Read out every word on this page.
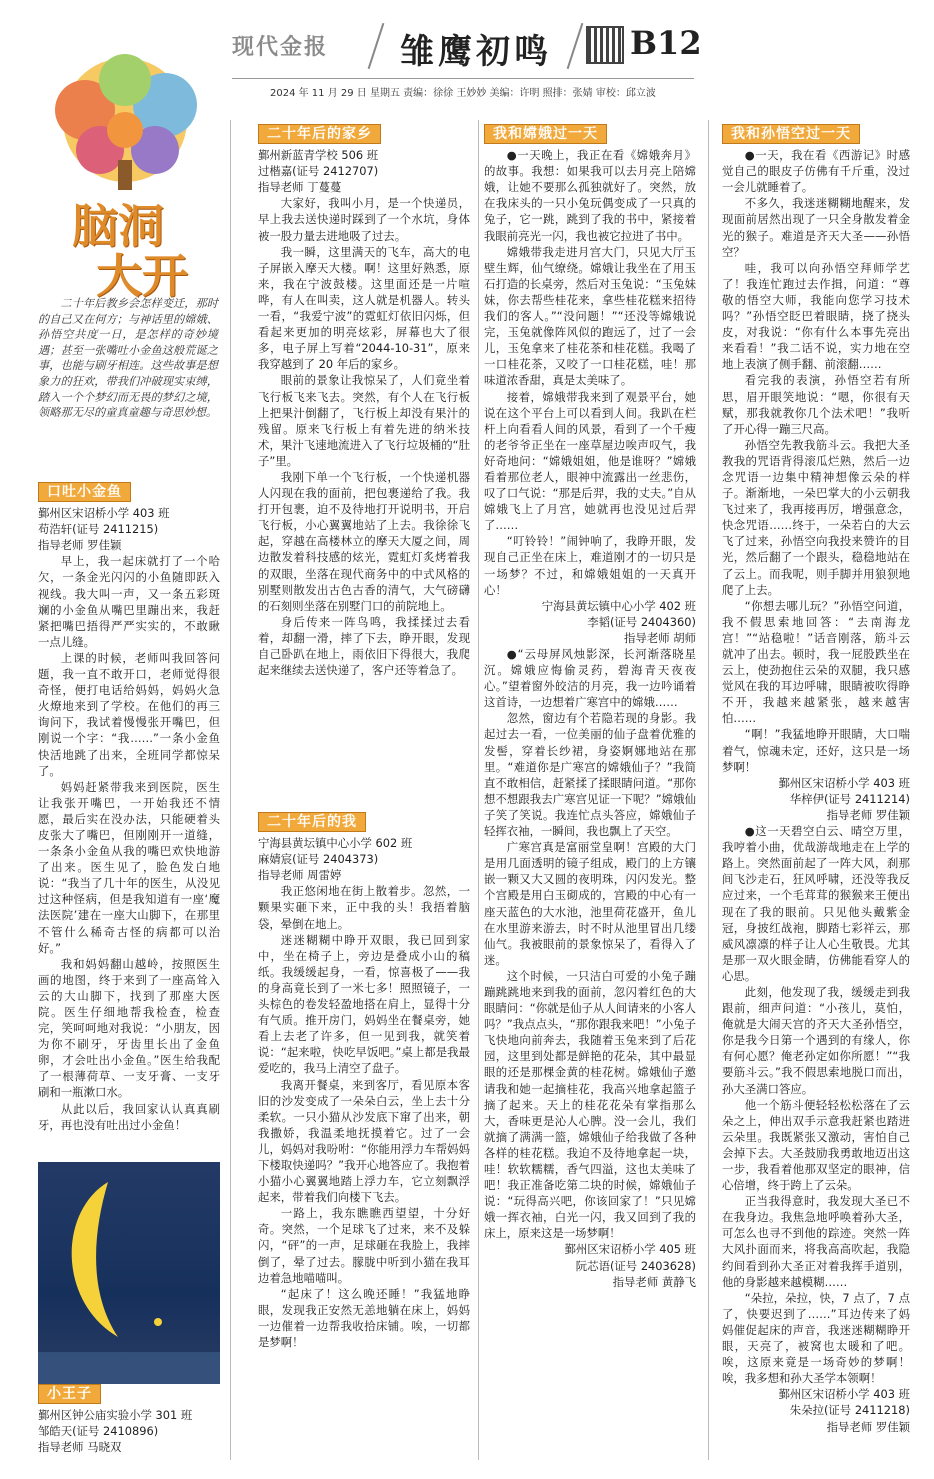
现代金报 雏鹰初鸣 B12
2024 年 11 月 29 日 星期五 责编：徐徐 王妙妙 美编：许明 照排：张婧 审校：邱立波
脑洞
大开
二十年后教乡会怎样变迁，那时的自己又在何方；与神话里的嫦娥、孙悟空共度一日，是怎样的奇妙境遇；甚至一张嘴吐小金鱼这般荒诞之事，也能与刷牙相连。这些故事是想象力的狂欢，带我们冲破现实束缚，踏入一个个梦幻而无畏的梦幻之境，领略那无尽的童真童趣与奇思妙想。
口吐小金鱼
鄞州区宋诏桥小学 403 班
苟浩轩(证号 2411215)
指导老师 罗佳颖

早上，我一起床就打了一个哈欠，一条金光闪闪的小鱼随即跃入视线。我大叫一声，又一条五彩斑斓的小金鱼从嘴巴里蹦出来，我赶紧把嘴巴捂得严严实实的，不敢瞅一点儿缝。

上课的时候，老师叫我回答问题，我一直不敢开口，老师觉得很奇怪，便打电话给妈妈，妈妈火急火燎地来到了学校。在他们的再三询问下，我试着慢慢张开嘴巴，但刚说一个字：“我……”一条小金鱼快活地跳了出来，全班同学都惊呆了。

妈妈赶紧带我来到医院，医生让我张开嘴巴，一开始我还不情愿，最后实在没办法，只能硬着头皮张大了嘴巴，但刚刚开一道缝，一条条小金鱼从我的嘴巴欢快地游了出来。医生见了，脸色发白地说：“我当了几十年的医生，从没见过这种怪病，但是我知道有一座‘魔法医院’建在一座大山脚下，在那里不管什么稀奇古怪的病都可以治好。”

我和妈妈翻山越岭，按照医生画的地图，终于来到了一座高耸入云的大山脚下，找到了那座大医院。医生仔细地帮我检查，检查完，笑呵呵地对我说：“小朋友，因为你不刷牙，牙齿里长出了金鱼卵，才会吐出小金鱼。”医生给我配了一根薄荷草、一支牙膏、一支牙刷和一瓶漱口水。

从此以后，我回家认认真真刷牙，再也没有吐出过小金鱼！

小王子
鄞州区钟公庙实验小学 301 班
邹皓天(证号 2410896)
指导老师 马晓双
二十年后的家乡
鄞州新蓝青学校 506 班
过楷嘉(证号 2412707)
指导老师 丁蔓蔓

大家好，我叫小月，是一个快递员，早上我去送快递时踩到了一个水坑，身体被一股力量去进地吸了过去。

我一瞬，这里满天的飞车，高大的电子屏嵌入摩天大楼。啊！这里好熟悉，原来，我在宁波鼓楼。这里面还是一片喧哗，有人在叫卖，这人就是机器人。转头一看，“我爱宁波”的霓虹灯依旧闪烁，但看起来更加的明亮炫彩，屏幕也大了很多，电子屏上写着“2044-10-31”，原来我穿越到了 20 年后的家乡。

眼前的景象让我惊呆了，人们竟坐着飞行板飞来飞去。突然，有个人在飞行板上把果汁倒翻了，飞行板上却没有果汁的残留。原来飞行板上有着先进的纳米技术，果汁飞速地流进入了飞行垃圾桶的“肚子”里。

我刚下单一个飞行板，一个快递机器人闪现在我的面前，把包裹递给了我。我打开包裹，迫不及待地打开说明书，开启飞行板，小心翼翼地站了上去。我徐徐飞起，穿越在高楼林立的摩天大厦之间，周边散发着科技感的炫光，霓虹灯炙烤着我的双眼，坐落在现代商务中的中式风格的别墅则散发出古色古香的清气，大气磅礴的石刻则坐落在别墅门口的前院地上。

身后传来一阵鸟鸣，我揉揉过去看着，却翻一滑，摔了下去，睁开眼，发现自己卧趴在地上，雨依旧下得很大，我爬起来继续去送快递了，客户还等着急了。

二十年后的我
宁海县黄坛镇中心小学 602 班
麻婧宸(证号 2404373)
指导老师 周雷婷

我正悠闲地在街上散着步。忽然，一颗果实砸下来，正中我的头！我捂着脑袋，晕倒在地上。

迷迷糊糊中睁开双眼，我已回到家中，坐在椅子上，旁边是叠成小山的稿纸。我缓缓起身，一看，惊喜极了——我的身高竟长到了一米七多！照照镜子，一头棕色的卷发轻盈地搭在肩上，显得十分有气质。推开房门，妈妈坐在餐桌旁，她看上去老了许多，但一见到我，就笑着说：“起来啦，快吃早饭吧。”桌上都是我最爱吃的，我马上清空了盘子。

我离开餐桌，来到客厅，看见原本客旧的沙发变成了一朵朵白云，坐上去十分柔软。一只小猫从沙发底下窜了出来，朝我撒娇，我温柔地抚摸着它。过了一会儿，妈妈对我吩咐：“你能用浮力车帮妈妈下楼取快递吗？”我开心地答应了。我抱着小猫小心翼翼地踏上浮力车，它立刻飘浮起来，带着我们向楼下飞去。

一路上，我东瞧瞧西望望，十分好奇。突然，一个足球飞了过来，来不及躲闪，“砰”的一声，足球砸在我脸上，我摔倒了，晕了过去。朦胧中听到小猫在我耳边着急地喵喵叫。

“起床了！这么晚还睡！”我猛地睁眼，发现我正安然无恙地躺在床上，妈妈一边催着一边帮我收拾床铺。唉，一切都是梦啊！

我和嫦娥过一天

●一天晚上，我正在看《嫦娥奔月》的故事。我想：如果我可以去月亮上陪嫦娥，让她不要那么孤独就好了。突然，放在我床头的一只小兔玩偶变成了一只真的兔子，它一跳，跳到了我的书中，紧接着我眼前亮光一闪，我也被它拉进了书中。

嫦娥带我走进月宫大门，只见大厅玉壁生辉，仙气缭绕。嫦娥让我坐在了用玉石打造的长桌旁，然后对玉兔说：“玉兔妹妹，你去帮些桂花来，拿些桂花糕来招待我们的客人。”“没问题！”“还没等嫦娥说完，玉兔就像阵风似的跑远了，过了一会儿，玉兔拿来了桂花茶和桂花糕。我喝了一口桂花茶，又咬了一口桂花糕，哇！那味道浓香甜，真是太美味了。

接着，嫦娥带我来到了观景平台，她说在这个平台上可以看到人间。我趴在栏杆上向看看人间的风景，看到了一个千瘦的老爷爷正坐在一座草屋边唉声叹气，我好奇地问：“嫦娥姐姐，他是谁呀？”嫦娥看着那位老人，眼神中流露出一丝悲伤，叹了口气说：“那是后羿，我的丈夫。”自从嫦娥飞上了月宫，她就再也没见过后羿了……

“叮铃铃！”闹钟响了，我睁开眼，发现自己正坐在床上，难道刚才的一切只是一场梦？不过，和嫦娥姐姐的一天真开心！

宁海县黄坛镇中心小学 402 班
李韬(证号 2404360)
指导老师 胡师

●“云母屏风烛影深，长河渐落晓星沉。嫦娥应悔偷灵药，碧海青天夜夜心。”望着窗外皎洁的月亮，我一边吟诵着这首诗，一边想着广寒宫中的嫦娥……

忽然，窗边有个若隐若现的身影。我起过去一看，一位美丽的仙子盘着优雅的发髻，穿着长纱裙，身姿婀娜地站在那里。“难道你是广寒宫的嫦娥仙子？”我简直不敢相信，赶紧揉了揉眼睛问道。“那你想不想跟我去广寒宫见证一下呢？”嫦娥仙子笑了笑说。我连忙点头答应，嫦娥仙子轻挥衣袖，一瞬间，我也飘上了天空。

广寒宫真是富丽堂皇啊！宫殿的大门是用几面透明的镜子组成，殿门的上方镶嵌一颗又大又圆的夜明珠，闪闪发光。整个宫殿是用白玉砌成的，宫殿的中心有一座天蓝色的大水池，池里荷花盛开，鱼儿在水里游来游去，时不时从池里冒出几缕仙气。我被眼前的景象惊呆了，看得入了迷。

这个时候，一只洁白可爱的小兔子蹦蹦跳跳地来到我的面前，忽闪着红色的大眼睛问：“你就是仙子从人间请来的小客人吗？”我点点头，“那你跟我来吧！”小兔子飞快地向前奔去，我随着玉兔来到了后花园，这里到处都是鲜艳的花朵，其中最显眼的还是那棵金黄的桂花树。嫦娥仙子邀请我和她一起摘桂花，我高兴地拿起篮子摘了起来。天上的桂花花朵有掌指那么大，香味更是沁人心脾。没一会儿，我们就摘了满满一篮，嫦娥仙子给我做了各种各样的桂花糕。我迫不及待地拿起一块，哇！软软糯糯，香气四溢，这也太美味了吧！我正准备吃第二块的时候，嫦娥仙子说：“玩得高兴吧，你该回家了！”只见嫦娥一挥衣袖，白光一闪，我又回到了我的床上，原来这是一场梦啊！

鄞州区宋诏桥小学 405 班
阮芯语(证号 2403628)
指导老师 黄静飞
我和孙悟空过一天

●一天，我在看《西游记》时感觉自己的眼皮子仿佛有千斤重，没过一会儿就睡着了。

不多久，我迷迷糊糊地醒来，发现面前居然出现了一只全身散发着金光的猴子。难道是齐天大圣——孙悟空？

哇，我可以向孙悟空拜师学艺了！我连忙跑过去作揖，问道：“尊敬的悟空大师，我能向您学习技术吗？”孙悟空眨巴着眼睛，挠了挠头皮，对我说：“你有什么本事先亮出来看看！”我二话不说，实力地在空地上表演了侧手翻、前滚翻……

看完我的表演，孙悟空若有所思，眉开眼笑地说：“嗯，你很有天赋，那我就教你几个法术吧！”我听了开心得一蹦三尺高。

孙悟空先教我筋斗云。我把大圣教我的咒语背得滚瓜烂熟，然后一边念咒语一边集中精神想像云朵的样子。渐渐地，一朵巴掌大的小云朝我飞过来了，我再接再厉，增强意念，快念咒语……终于，一朵若白的大云飞了过来，孙悟空向我投来赞许的目光，然后翻了一个跟头，稳稳地站在了云上。而我呢，则手脚并用狼狈地爬了上去。

“你想去哪儿玩？”孙悟空问道，我不假思索地回答：“去南海龙宫！”“站稳啦！”话音刚落，筋斗云就冲了出去。顿时，我一屁股跌坐在云上，使劲抱住云朵的双腿，我只感觉风在我的耳边呼啸，眼睛被吹得睁不开，我越来越紧张，越来越害怕……

“啊！”我猛地睁开眼睛，大口喘着气，惊魂未定，还好，这只是一场梦啊！

鄞州区宋诏桥小学 403 班
华梓伊(证号 2411214)
指导老师 罗佳颖

●这一天碧空白云、晴空万里，我哼着小曲，优哉游哉地走在上学的路上。突然面前起了一阵大风，刹那间飞沙走石，狂风呼啸，还没等我反应过来，一个毛茸茸的猴猴来王便出现在了我的眼前。只见他头戴紫金冠，身披红战袍，脚踏七彩祥云，那威风凛凛的样子让人心生敬畏。尤其是那一双火眼金睛，仿佛能看穿人的心思。

此刻，他发现了我，缓缓走到我跟前，细声问道：“小孩儿，莫怕，俺就是大闹天宫的齐天大圣孙悟空，你是我今日第一个遇到的有缘人，你有何心愿？俺老孙定如你所愿！”“我要筋斗云。”我不假思索地脱口而出，孙大圣满口答应。

他一个筋斗便轻轻松松落在了云朵之上，伸出双手示意我赶紧也踏进云朵里。我既紧张又激动，害怕自己会掉下去。大圣鼓励我勇敢地迈出这一步，我看着他那双坚定的眼神，信心倍增，终于跨上了云朵。

正当我得意时，我发现大圣已不在我身边。我焦急地呼唤着孙大圣，可怎么也寻不到他的踪迹。突然一阵大风扑面而来，将我高高吹起，我隐约间看到孙大圣正对着我挥手道别，他的身影越来越模糊……

“朵拉，朵拉，快，7 点了，7 点了，快要迟到了……”耳边传来了妈妈催促起床的声音，我迷迷糊糊睁开眼，天亮了，被窝也太暖和了吧。唉，这原来竟是一场奇妙的梦啊！唉，我多想和孙大圣学本领啊！

鄞州区宋诏桥小学 403 班
朱朵拉(证号 2411218)
指导老师 罗佳颖
